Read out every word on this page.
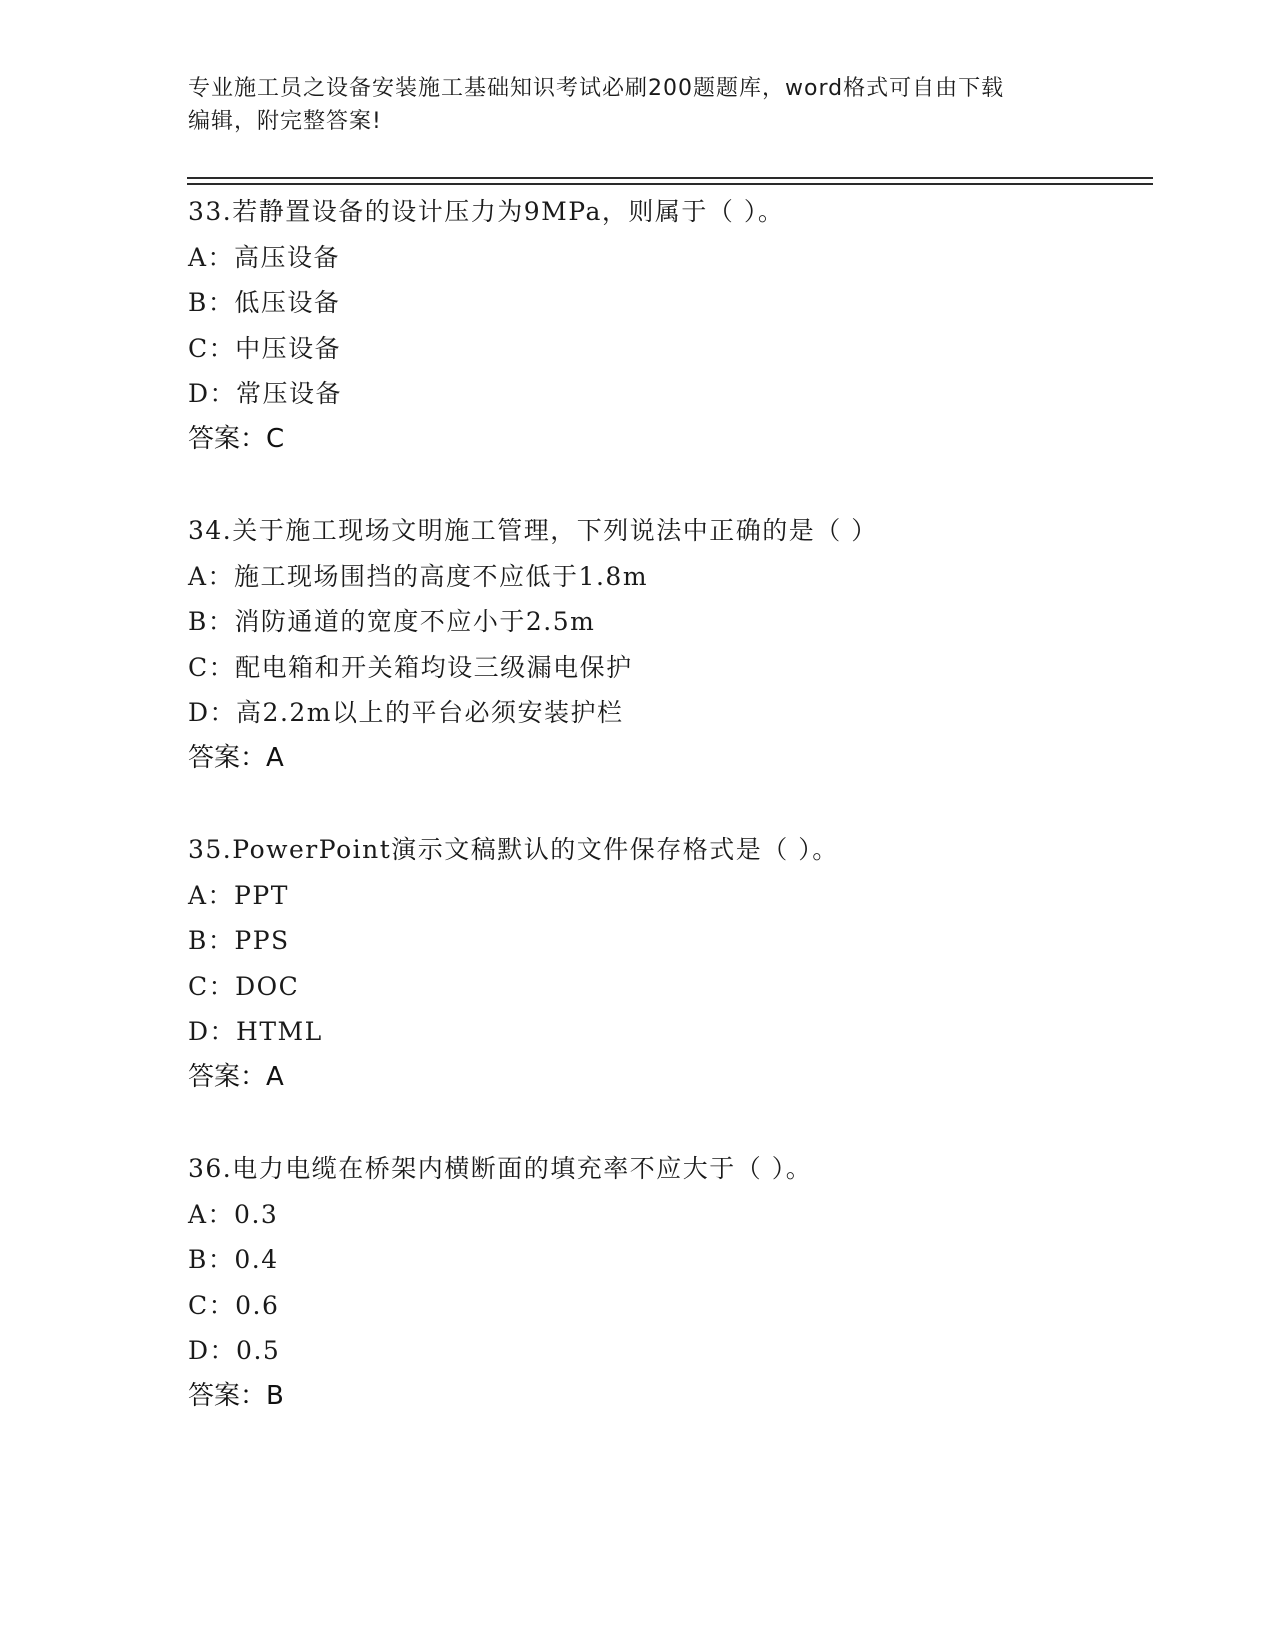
专业施工员之设备安装施工基础知识考试必刷200题题库，word格式可自由下载
编辑，附完整答案!
33.若静置设备的设计压力为9MPa，则属于（ ）。
A：高压设备
B：低压设备
C：中压设备
D：常压设备
答案：C
34.关于施工现场文明施工管理，下列说法中正确的是（ ）
A：施工现场围挡的高度不应低于1.8m
B：消防通道的宽度不应小于2.5m
C：配电箱和开关箱均设三级漏电保护
D：高2.2m以上的平台必须安装护栏
答案：A
35.PowerPoint演示文稿默认的文件保存格式是（ ）。
A：PPT
B：PPS
C：DOC
D：HTML
答案：A
36.电力电缆在桥架内横断面的填充率不应大于（ ）。
A：0.3
B：0.4
C：0.6
D：0.5
答案：B
